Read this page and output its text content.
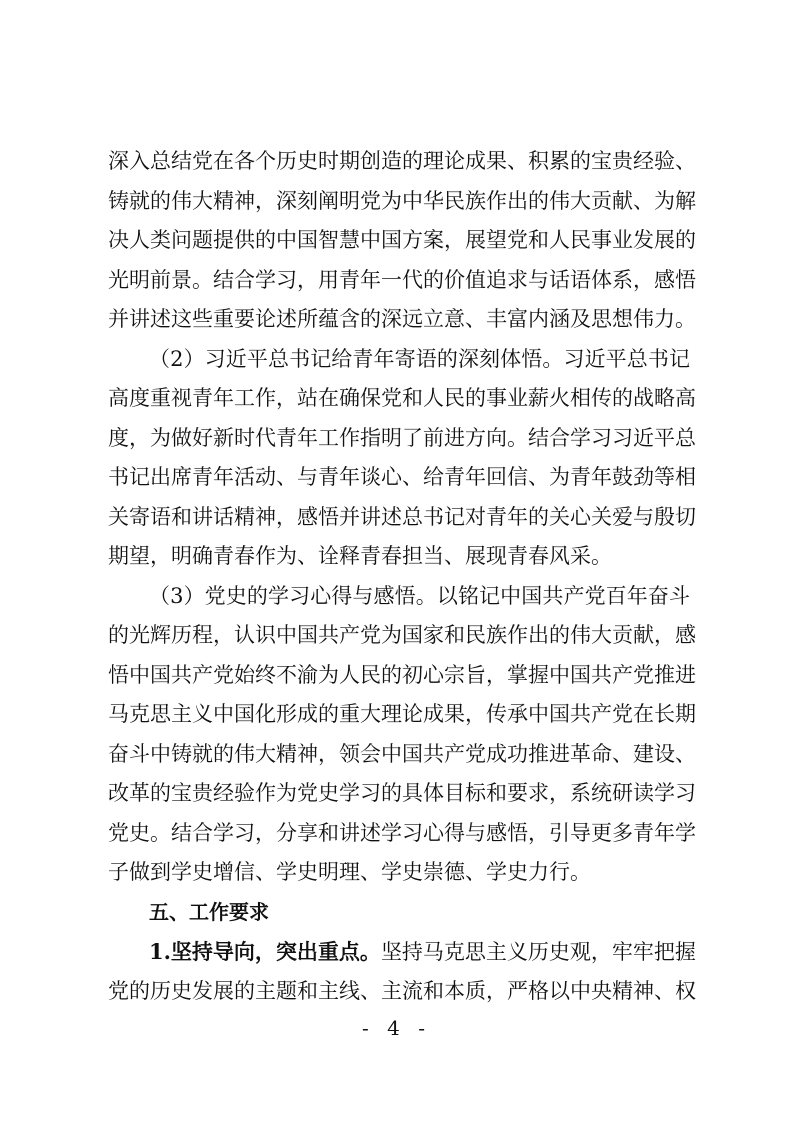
深入总结党在各个历史时期创造的理论成果、积累的宝贵经验、
铸就的伟大精神，深刻阐明党为中华民族作出的伟大贡献、为解
决人类问题提供的中国智慧中国方案，展望党和人民事业发展的
光明前景。结合学习，用青年一代的价值追求与话语体系，感悟
并讲述这些重要论述所蕴含的深远立意、丰富内涵及思想伟力。
（2）习近平总书记给青年寄语的深刻体悟。习近平总书记
高度重视青年工作，站在确保党和人民的事业薪火相传的战略高
度，为做好新时代青年工作指明了前进方向。结合学习习近平总
书记出席青年活动、与青年谈心、给青年回信、为青年鼓劲等相
关寄语和讲话精神，感悟并讲述总书记对青年的关心关爱与殷切
期望，明确青春作为、诠释青春担当、展现青春风采。
（3）党史的学习心得与感悟。以铭记中国共产党百年奋斗
的光辉历程，认识中国共产党为国家和民族作出的伟大贡献，感
悟中国共产党始终不渝为人民的初心宗旨，掌握中国共产党推进
马克思主义中国化形成的重大理论成果，传承中国共产党在长期
奋斗中铸就的伟大精神，领会中国共产党成功推进革命、建设、
改革的宝贵经验作为党史学习的具体目标和要求，系统研读学习
党史。结合学习，分享和讲述学习心得与感悟，引导更多青年学
子做到学史增信、学史明理、学史崇德、学史力行。
五、工作要求
1.坚持导向，突出重点。坚持马克思主义历史观，牢牢把握
党的历史发展的主题和主线、主流和本质，严格以中央精神、权
- 4 -
